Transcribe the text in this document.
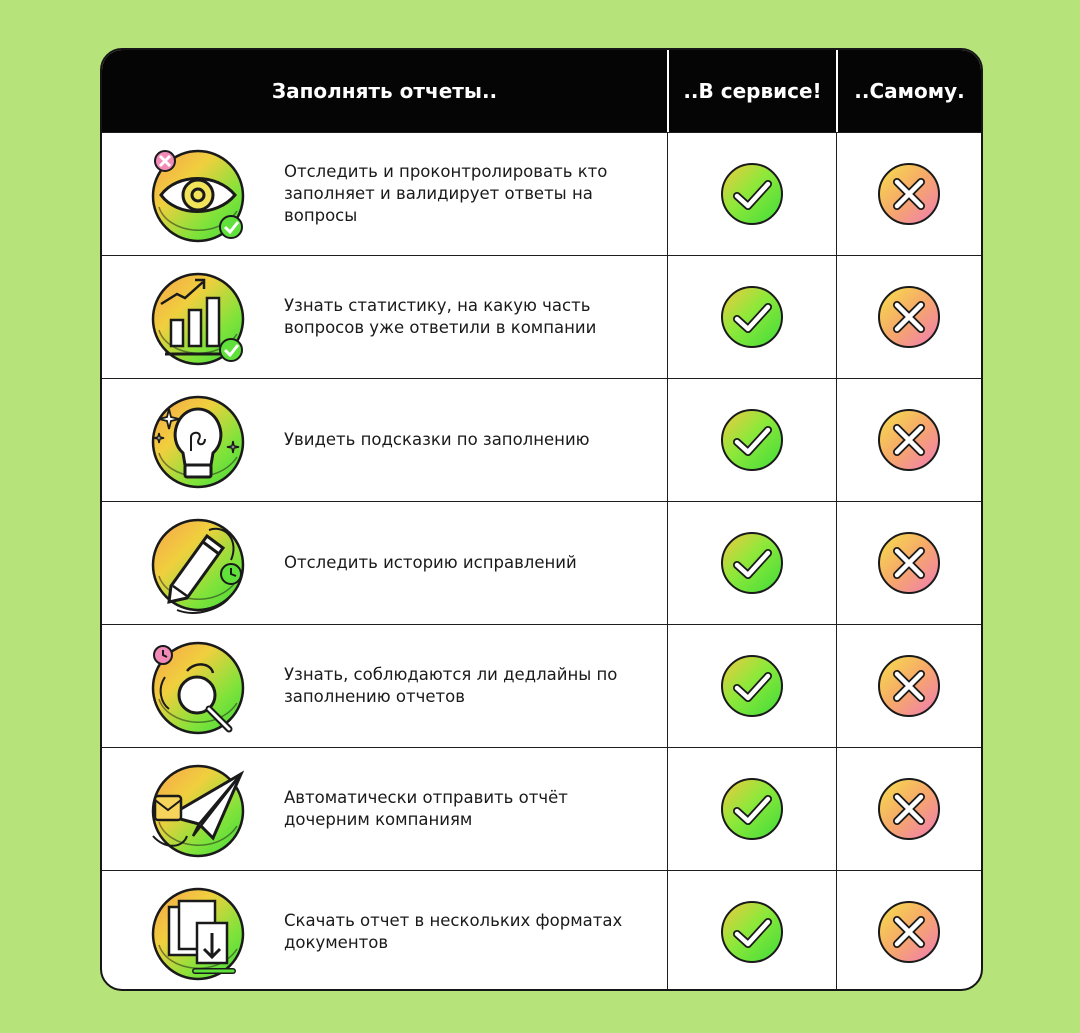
Заполнять отчеты..	..В сервисе!	..Самому.
Отследить и проконтролировать кто заполняет и валидирует ответы на вопросы
Узнать статистику, на какую часть вопросов уже ответили в компании
Увидеть подсказки по заполнению
Отследить историю исправлений
Узнать, соблюдаются ли дедлайны по заполнению отчетов
Автоматически отправить отчёт дочерним компаниям
Скачать отчет в нескольких форматах документов
